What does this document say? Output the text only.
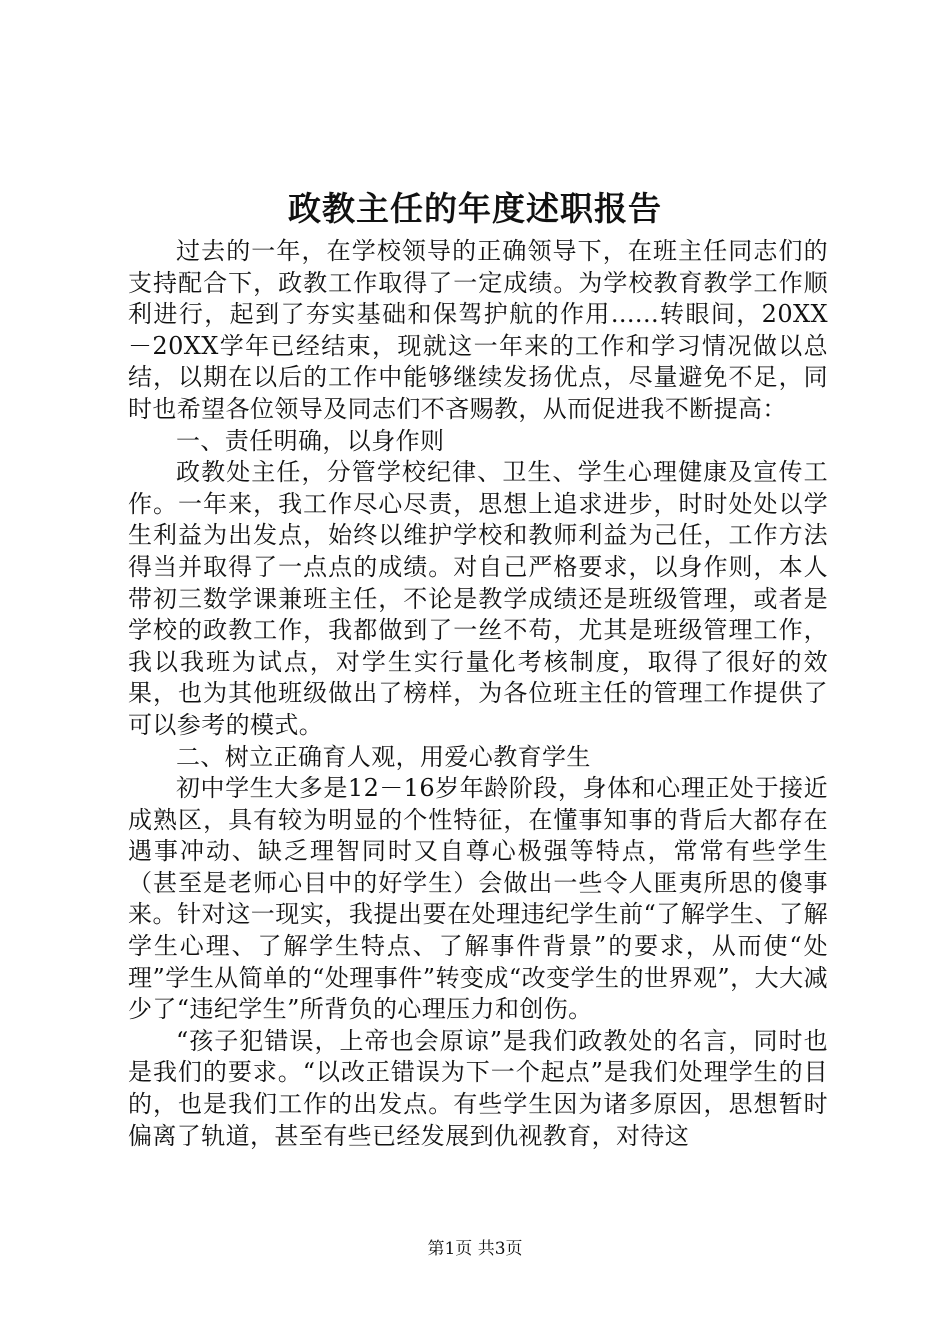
政教主任的年度述职报告

过去的一年，在学校领导的正确领导下，在班主任同志们的支持配合下，政教工作取得了一定成绩。为学校教育教学工作顺利进行，起到了夯实基础和保驾护航的作用......转眼间，20XX－20XX学年已经结束，现就这一年来的工作和学习情况做以总结，以期在以后的工作中能够继续发扬优点，尽量避免不足，同时也希望各位领导及同志们不吝赐教，从而促进我不断提高：

一、责任明确，以身作则

政教处主任，分管学校纪律、卫生、学生心理健康及宣传工作。一年来，我工作尽心尽责，思想上追求进步，时时处处以学生利益为出发点，始终以维护学校和教师利益为己任，工作方法得当并取得了一点点的成绩。对自己严格要求，以身作则，本人带初三数学课兼班主任，不论是教学成绩还是班级管理，或者是学校的政教工作，我都做到了一丝不苟，尤其是班级管理工作，我以我班为试点，对学生实行量化考核制度，取得了很好的效果，也为其他班级做出了榜样，为各位班主任的管理工作提供了可以参考的模式。

二、树立正确育人观，用爱心教育学生

初中学生大多是12－16岁年龄阶段，身体和心理正处于接近成熟区，具有较为明显的个性特征，在懂事知事的背后大都存在遇事冲动、缺乏理智同时又自尊心极强等特点，常常有些学生（甚至是老师心目中的好学生）会做出一些令人匪夷所思的傻事来。针对这一现实，我提出要在处理违纪学生前“了解学生、了解学生心理、了解学生特点、了解事件背景”的要求，从而使“处理”学生从简单的“处理事件”转变成“改变学生的世界观”，大大减少了“违纪学生”所背负的心理压力和创伤。

“孩子犯错误，上帝也会原谅”是我们政教处的名言，同时也是我们的要求。“以改正错误为下一个起点”是我们处理学生的目的，也是我们工作的出发点。有些学生因为诸多原因，思想暂时偏离了轨道，甚至有些已经发展到仇视教育，对待这

第1页 共3页
